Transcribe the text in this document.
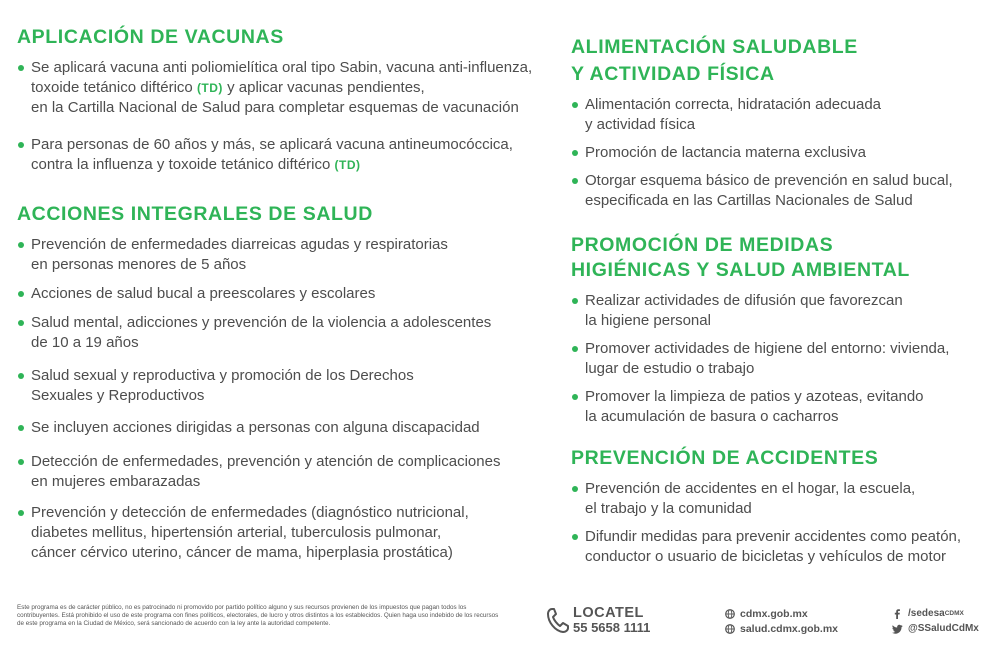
APLICACIÓN DE VACUNAS
Se aplicará vacuna anti poliomielítica oral tipo Sabin, vacuna anti-influenza,
toxoide tetánico diftérico (TD) y aplicar vacunas pendientes,
en la Cartilla Nacional de Salud para completar esquemas de vacunación
Para personas de 60 años y más, se aplicará vacuna antineumocóccica,
contra la influenza y toxoide tetánico diftérico (TD)
ACCIONES INTEGRALES DE SALUD
Prevención de enfermedades diarreicas agudas y respiratorias
en personas menores de 5 años
Acciones de salud bucal a preescolares y escolares
Salud mental, adicciones y prevención de la violencia a adolescentes
de 10 a 19 años
Salud sexual y reproductiva y promoción de los Derechos
Sexuales y Reproductivos
Se incluyen acciones dirigidas a personas con alguna discapacidad
Detección de enfermedades, prevención y atención de complicaciones
en mujeres embarazadas
Prevención y detección de enfermedades (diagnóstico nutricional,
diabetes mellitus, hipertensión arterial, tuberculosis pulmonar,
cáncer cérvico uterino, cáncer de mama, hiperplasia prostática)
ALIMENTACIÓN SALUDABLE
Y ACTIVIDAD FÍSICA
Alimentación correcta, hidratación adecuada
y actividad física
Promoción de lactancia materna exclusiva
Otorgar esquema básico de prevención en salud bucal,
especificada en las Cartillas Nacionales de Salud
PROMOCIÓN DE MEDIDAS
HIGIÉNICAS Y SALUD AMBIENTAL
Realizar actividades de difusión que favorezcan
la higiene personal
Promover actividades de higiene del entorno: vivienda,
lugar de estudio o trabajo
Promover la limpieza de patios y azoteas, evitando
la acumulación de basura o cacharros
PREVENCIÓN DE ACCIDENTES
Prevención de accidentes en el hogar, la escuela,
el trabajo y la comunidad
Difundir medidas para prevenir accidentes como peatón,
conductor o usuario de bicicletas y vehículos de motor
Este programa es de carácter público, no es patrocinado ni promovido por partido político alguno y sus recursos provienen de los impuestos que pagan todos los
contribuyentes. Está prohibido el uso de este programa con fines políticos, electorales, de lucro y otros distintos a los establecidos. Quien haga uso indebido de los recursos
de este programa en la Ciudad de México, será sancionado de acuerdo con la ley ante la autoridad competente.
LOCATEL
55 5658 1111
cdmx.gob.mx
salud.cdmx.gob.mx
/sedesa CDMX
@SSaludCdMx
